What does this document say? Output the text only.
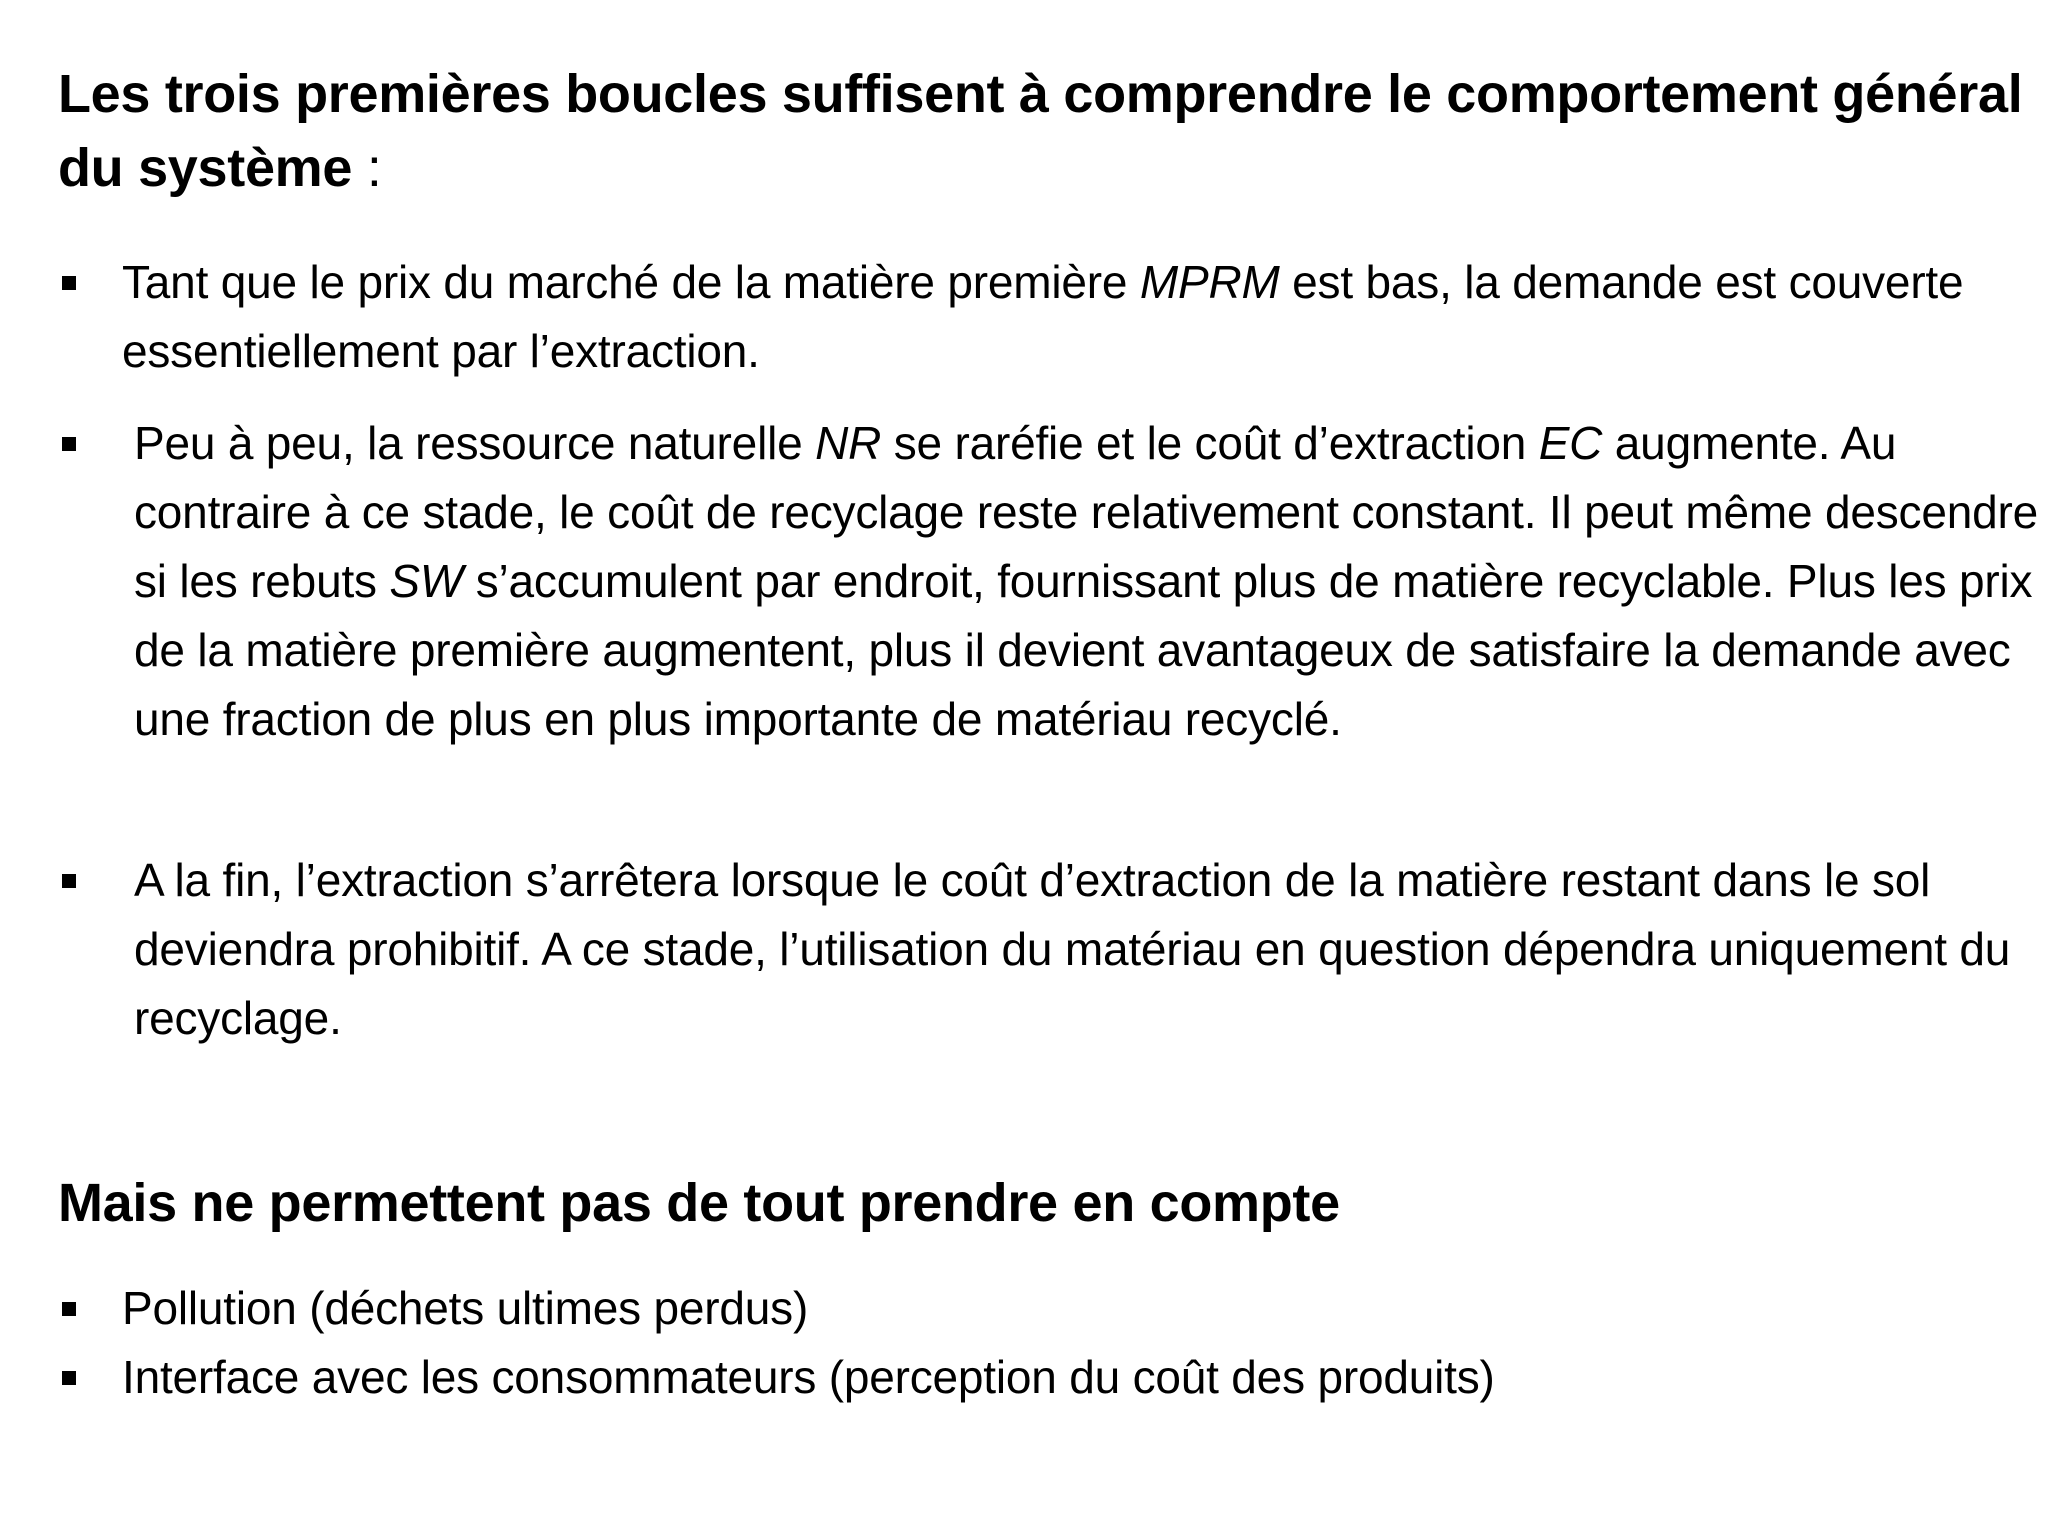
Les trois premières boucles suffisent à comprendre le comportement général du système :
Tant que le prix du marché de la matière première MPRM est bas, la demande est couverte essentiellement par l’extraction.
Peu à peu, la ressource naturelle NR se raréfie et le coût d’extraction EC augmente. Au contraire à ce stade, le coût de recyclage reste relativement constant. Il peut même descendre si les rebuts SW s’accumulent par endroit, fournissant plus de matière recyclable. Plus les prix de la matière première augmentent, plus il devient avantageux de satisfaire la demande avec une fraction de plus en plus importante de matériau recyclé.
A la fin, l’extraction s’arrêtera lorsque le coût d’extraction de la matière restant dans le sol deviendra prohibitif. A ce stade, l’utilisation du matériau en question dépendra uniquement du recyclage.
Mais ne permettent pas de tout prendre en compte
Pollution (déchets ultimes perdus)
Interface avec les consommateurs (perception du coût des produits)
